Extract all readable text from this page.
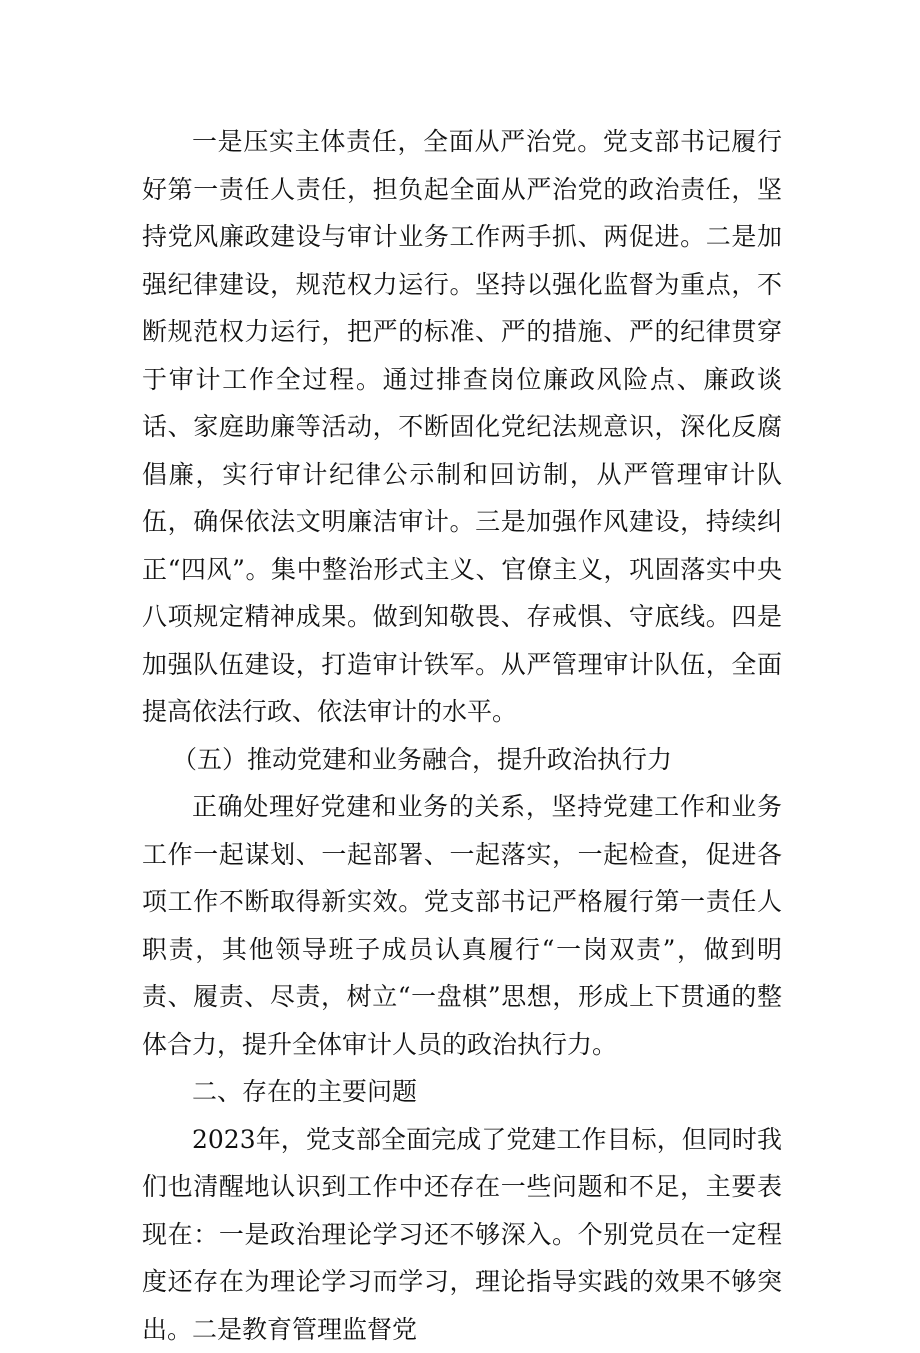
一是压实主体责任，全面从严治党。党支部书记履行好第一责任人责任，担负起全面从严治党的政治责任，坚持党风廉政建设与审计业务工作两手抓、两促进。二是加强纪律建设，规范权力运行。坚持以强化监督为重点，不断规范权力运行，把严的标准、严的措施、严的纪律贯穿于审计工作全过程。通过排查岗位廉政风险点、廉政谈话、家庭助廉等活动，不断固化党纪法规意识，深化反腐倡廉，实行审计纪律公示制和回访制，从严管理审计队伍，确保依法文明廉洁审计。三是加强作风建设，持续纠正“四风”。集中整治形式主义、官僚主义，巩固落实中央八项规定精神成果。做到知敬畏、存戒惧、守底线。四是加强队伍建设，打造审计铁军。从严管理审计队伍，全面提高依法行政、依法审计的水平。

（五）推动党建和业务融合，提升政治执行力

正确处理好党建和业务的关系，坚持党建工作和业务工作一起谋划、一起部署、一起落实，一起检查，促进各项工作不断取得新实效。党支部书记严格履行第一责任人职责，其他领导班子成员认真履行“一岗双责”，做到明责、履责、尽责，树立“一盘棋”思想，形成上下贯通的整体合力，提升全体审计人员的政治执行力。

二、存在的主要问题

2023年，党支部全面完成了党建工作目标，但同时我们也清醒地认识到工作中还存在一些问题和不足，主要表现在：一是政治理论学习还不够深入。个别党员在一定程度还存在为理论学习而学习，理论指导实践的效果不够突出。二是教育管理监督党
